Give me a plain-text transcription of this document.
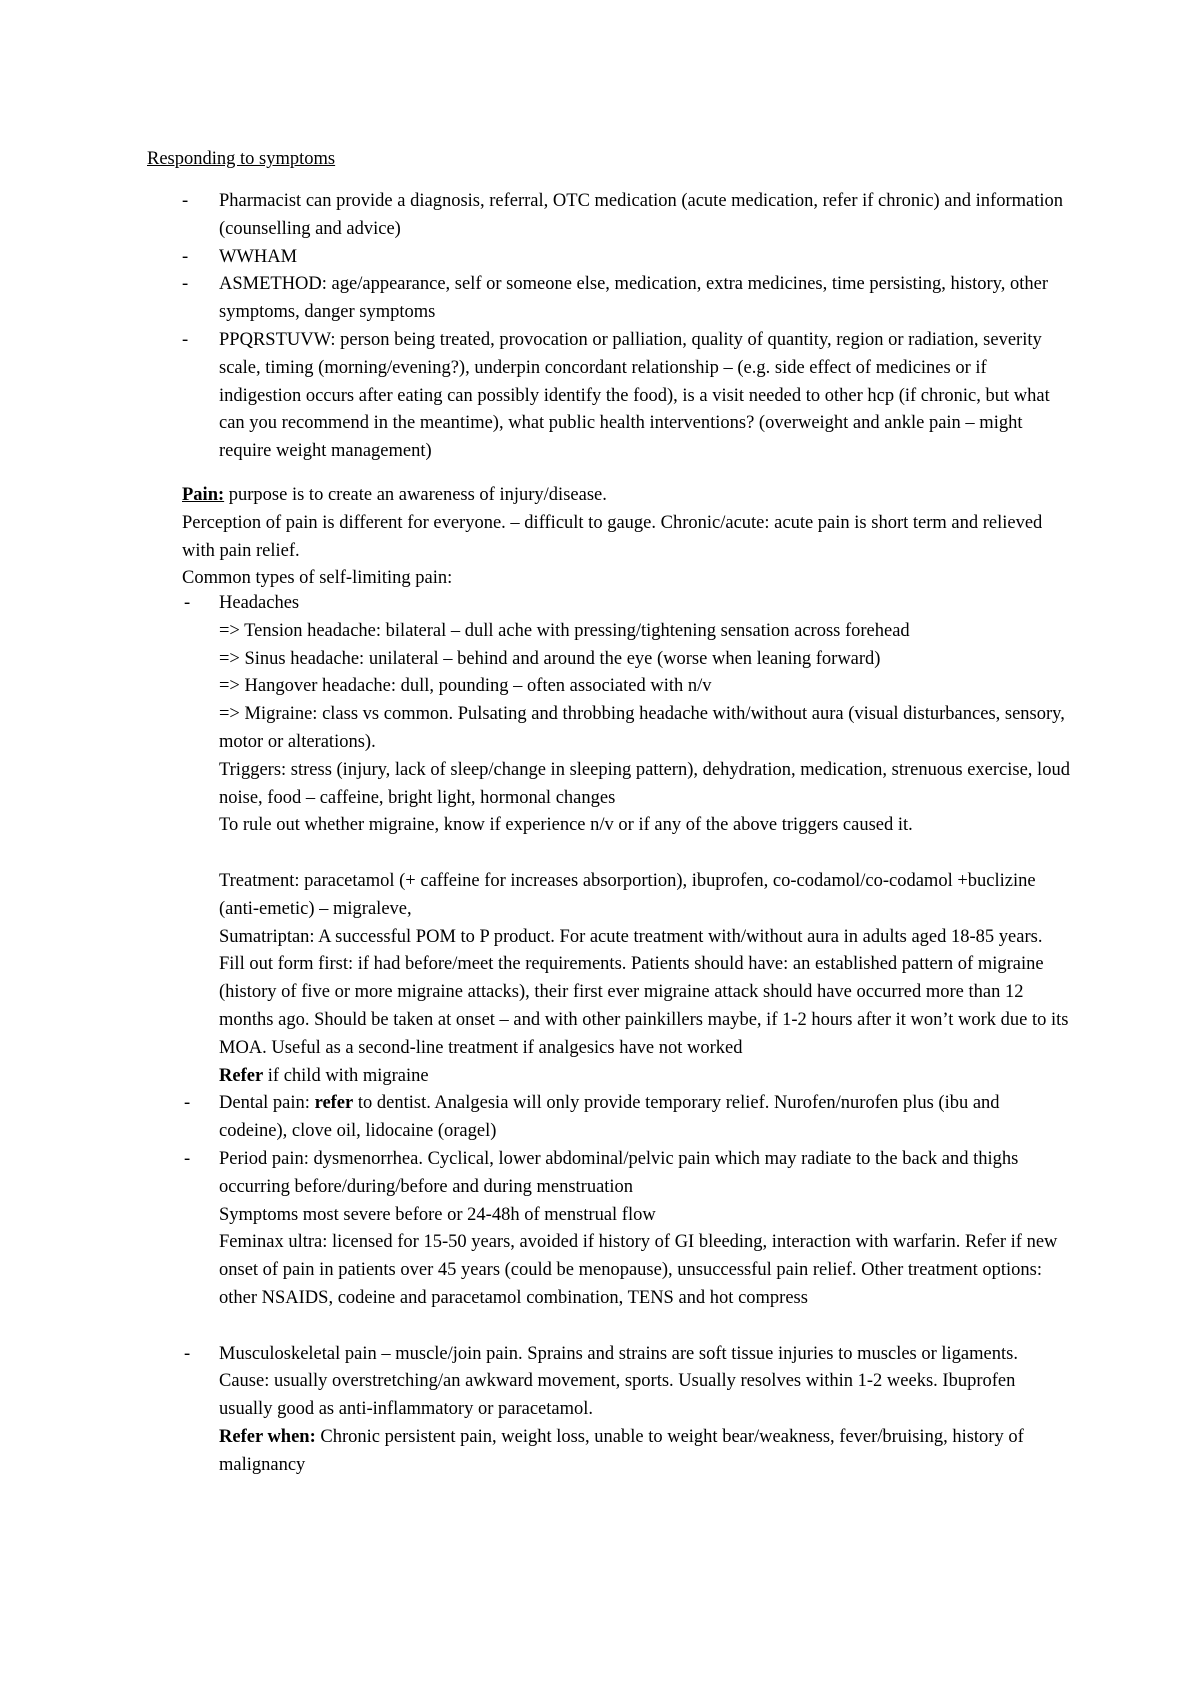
Responding to symptoms
- Pharmacist can provide a diagnosis, referral, OTC medication (acute medication, refer if chronic) and information (counselling and advice)
- WWHAM
- ASMETHOD: age/appearance, self or someone else, medication, extra medicines, time persisting, history, other symptoms, danger symptoms
- PPQRSTUVW: person being treated, provocation or palliation, quality of quantity, region or radiation, severity scale, timing (morning/evening?), underpin concordant relationship – (e.g. side effect of medicines or if indigestion occurs after eating can possibly identify the food), is a visit needed to other hcp (if chronic, but what can you recommend in the meantime), what public health interventions? (overweight and ankle pain – might require weight management)

Pain: purpose is to create an awareness of injury/disease.

Perception of pain is different for everyone. – difficult to gauge. Chronic/acute: acute pain is short term and relieved with pain relief.

Common types of self-limiting pain:

- Headaches
=> Tension headache: bilateral – dull ache with pressing/tightening sensation across forehead
=> Sinus headache: unilateral – behind and around the eye (worse when leaning forward)
=> Hangover headache: dull, pounding – often associated with n/v
=> Migraine: class vs common. Pulsating and throbbing headache with/without aura (visual disturbances, sensory, motor or alterations).
Triggers: stress (injury, lack of sleep/change in sleeping pattern), dehydration, medication, strenuous exercise, loud noise, food – caffeine, bright light, hormonal changes
To rule out whether migraine, know if experience n/v or if any of the above triggers caused it.
Treatment: paracetamol (+ caffeine for increases absorportion), ibuprofen, co-codamol/co-codamol +buclizine (anti-emetic) – migraleve,
Sumatriptan: A successful POM to P product. For acute treatment with/without aura in adults aged 18-85 years. Fill out form first: if had before/meet the requirements. Patients should have: an established pattern of migraine (history of five or more migraine attacks), their first ever migraine attack should have occurred more than 12 months ago. Should be taken at onset – and with other painkillers maybe, if 1-2 hours after it won’t work due to its MOA. Useful as a second-line treatment if analgesics have not worked
Refer if child with migraine
- Dental pain: refer to dentist. Analgesia will only provide temporary relief. Nurofen/nurofen plus (ibu and codeine), clove oil, lidocaine (oragel)
- Period pain: dysmenorrhea. Cyclical, lower abdominal/pelvic pain which may radiate to the back and thighs occurring before/during/before and during menstruation
Symptoms most severe before or 24-48h of menstrual flow
Feminax ultra: licensed for 15-50 years, avoided if history of GI bleeding, interaction with warfarin. Refer if new onset of pain in patients over 45 years (could be menopause), unsuccessful pain relief. Other treatment options: other NSAIDS, codeine and paracetamol combination, TENS and hot compress
- Musculoskeletal pain – muscle/join pain. Sprains and strains are soft tissue injuries to muscles or ligaments. Cause: usually overstretching/an awkward movement, sports. Usually resolves within 1-2 weeks. Ibuprofen usually good as anti-inflammatory or paracetamol.
Refer when: Chronic persistent pain, weight loss, unable to weight bear/weakness, fever/bruising, history of malignancy
